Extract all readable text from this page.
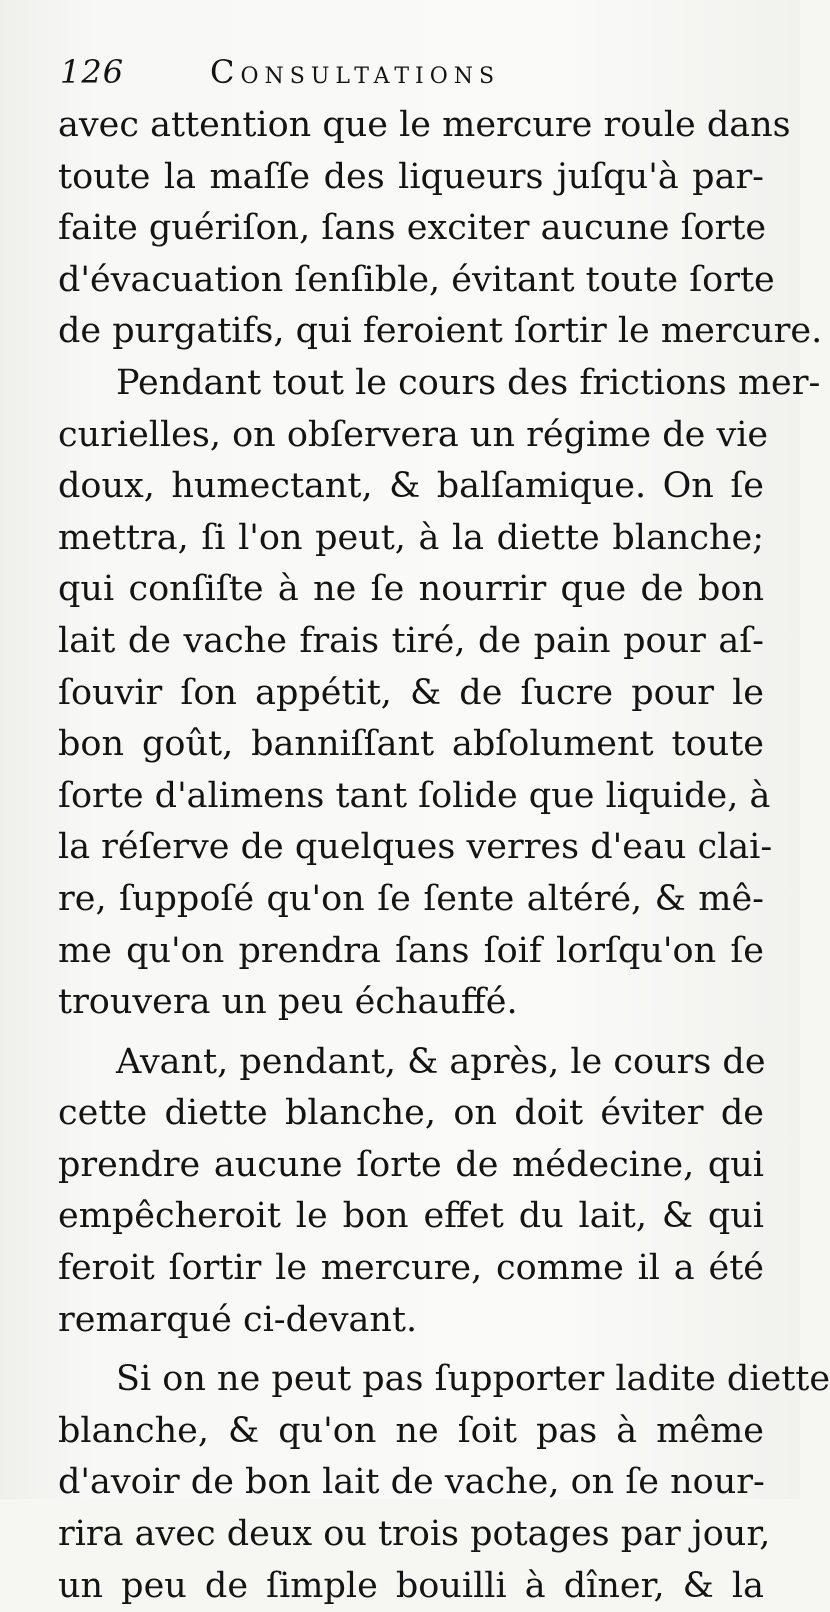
126	Consultations
avec attention que le mercure roule dans
toute la maſſe des liqueurs juſqu'à par-
faite guériſon, ſans exciter aucune ſorte
d'évacuation ſenſible, évitant toute ſorte
de purgatifs, qui feroient ſortir le mercure.
Pendant tout le cours des frictions mer-
curielles, on obſervera un régime de vie
doux, humectant, & balſamique. On ſe
mettra, ſi l'on peut, à la diette blanche;
qui conſiſte à ne ſe nourrir que de bon
lait de vache frais tiré, de pain pour aſ-
ſouvir ſon appétit, & de ſucre pour le
bon goût, banniſſant abſolument toute
ſorte d'alimens tant ſolide que liquide, à
la réſerve de quelques verres d'eau clai-
re, ſuppoſé qu'on ſe ſente altéré, & mê-
me qu'on prendra ſans ſoif lorſqu'on ſe
trouvera un peu échauffé.
Avant, pendant, & après, le cours de
cette diette blanche, on doit éviter de
prendre aucune ſorte de médecine, qui
empêcheroit le bon effet du lait, & qui
feroit ſortir le mercure, comme il a été
remarqué ci-devant.
Si on ne peut pas ſupporter ladite diette
blanche, & qu'on ne ſoit pas à même
d'avoir de bon lait de vache, on ſe nour-
rira avec deux ou trois potages par jour,
un peu de ſimple bouilli à dîner, & la
